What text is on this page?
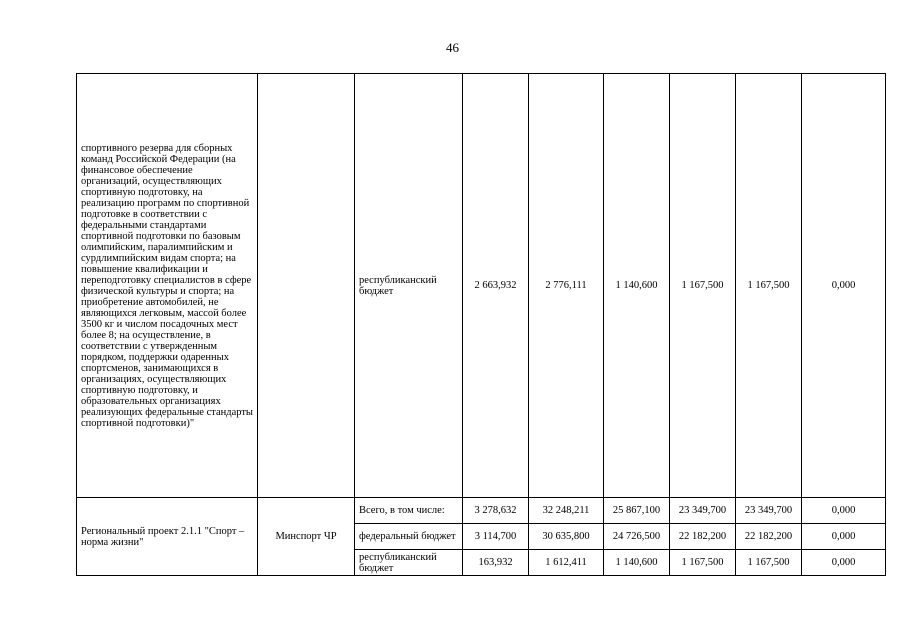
46
спортивного резерва для сборных команд Российской Федерации (на финансовое обеспечение организаций, осуществляющих спортивную подготовку, на реализацию программ по спортивной подготовке в соответствии с федеральными стандартами спортивной подготовки по базовым олимпийским, паралимпийским и сурдлимпийским видам спорта; на повышение квалификации и переподготовку специалистов в сфере физической культуры и спорта; на приобретение автомобилей, не являющихся легковым, массой более 3500 кг и числом посадочных мест более 8; на осуществление, в соответствии с утвержденным порядком, поддержки одаренных спортсменов, занимающихся в организациях, осуществляющих спортивную подготовку, и образовательных организациях реализующих федеральные стандарты спортивной подготовки)"		республиканский бюджет	2 663,932	2 776,111	1 140,600	1 167,500	1 167,500	0,000
Региональный проект 2.1.1 "Спорт – норма жизни"	Минспорт ЧР	Всего, в том числе:	3 278,632	32 248,211	25 867,100	23 349,700	23 349,700	0,000
		федеральный бюджет	3 114,700	30 635,800	24 726,500	22 182,200	22 182,200	0,000
		республиканский бюджет	163,932	1 612,411	1 140,600	1 167,500	1 167,500	0,000
